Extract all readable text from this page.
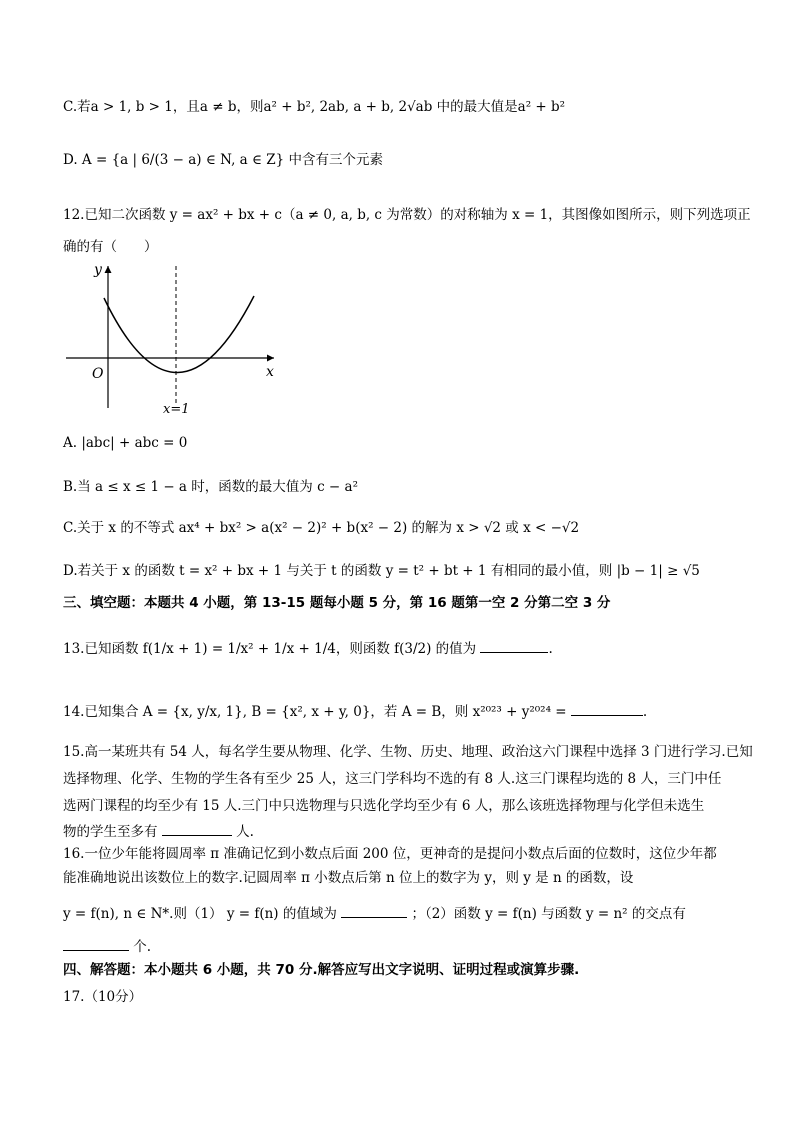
C.若a > 1, b > 1，且a ≠ b，则a² + b², 2ab, a + b, 2√ab 中的最大值是a² + b²
D. A = {a | 6/(3 − a) ∈ N, a ∈ Z} 中含有三个元素
12.已知二次函数 y = ax² + bx + c（a ≠ 0, a, b, c 为常数）的对称轴为 x = 1，其图像如图所示，则下列选项正
确的有（　　）
y
x
O
x=1
A. |abc| + abc = 0
B.当 a ≤ x ≤ 1 − a 时，函数的最大值为 c − a²
C.关于 x 的不等式 ax⁴ + bx² > a(x² − 2)² + b(x² − 2) 的解为 x > √2 或 x < −√2
D.若关于 x 的函数 t = x² + bx + 1 与关于 t 的函数 y = t² + bt + 1 有相同的最小值，则 |b − 1| ≥ √5
三、填空题：本题共 4 小题，第 13-15 题每小题 5 分，第 16 题第一空 2 分第二空 3 分
13.已知函数 f(1/x + 1) = 1/x² + 1/x + 1/4，则函数 f(3/2) 的值为	.
14.已知集合 A = {x, y/x, 1}, B = {x², x + y, 0}，若 A = B，则 x²⁰²³ + y²⁰²⁴ =	.
15.高一某班共有 54 人，每名学生要从物理、化学、生物、历史、地理、政治这六门课程中选择 3 门进行学习.已知
选择物理、化学、生物的学生各有至少 25 人，这三门学科均不选的有 8 人.这三门课程均选的 8 人，三门中任
选两门课程的均至少有 15 人.三门中只选物理与只选化学均至少有 6 人，那么该班选择物理与化学但未选生
物的学生至多有	人.
16.一位少年能将圆周率 π 准确记忆到小数点后面 200 位，更神奇的是提问小数点后面的位数时，这位少年都
能准确地说出该数位上的数字.记圆周率 π 小数点后第 n 位上的数字为 y，则 y 是 n 的函数，设
y = f(n), n ∈ N*.则（1） y = f(n) 的值域为	；（2）函数 y = f(n) 与函数 y = n² 的交点有
个.
四、解答题：本小题共 6 小题，共 70 分.解答应写出文字说明、证明过程或演算步骤.
17.（10分）
